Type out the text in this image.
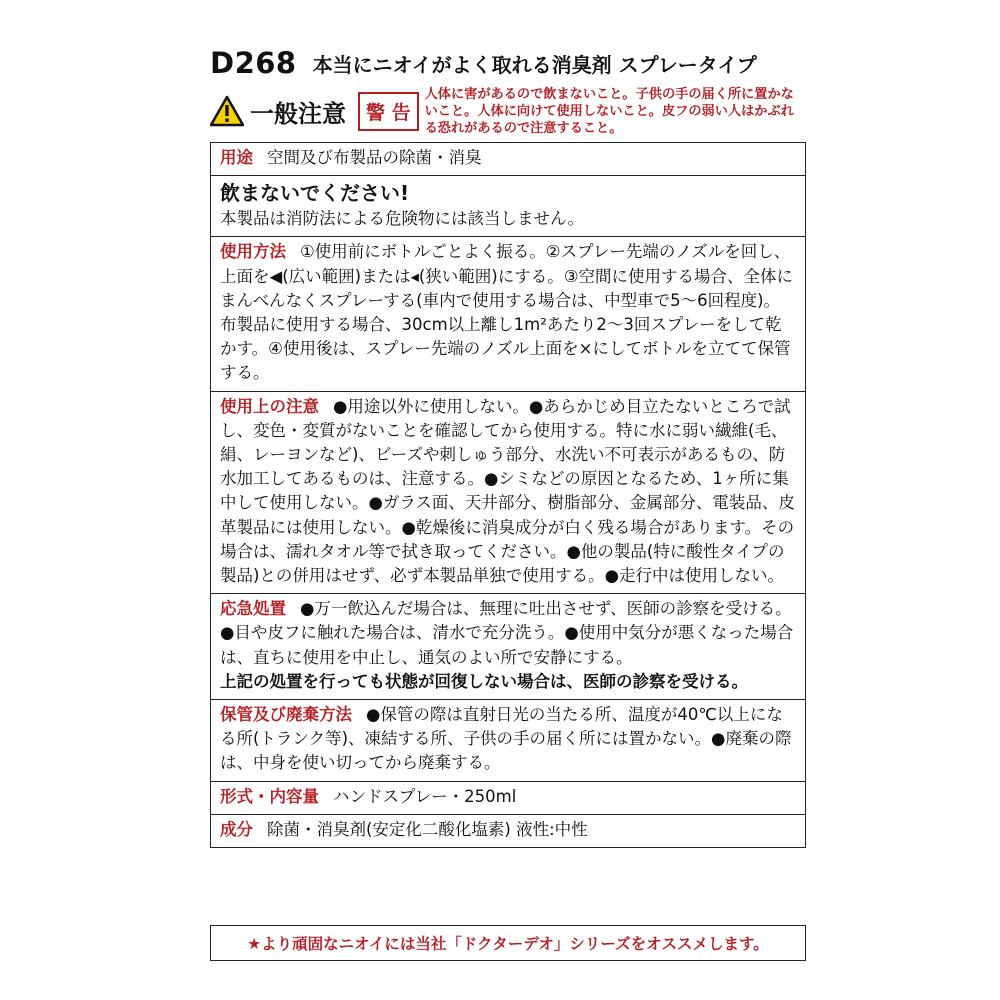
D268 本当にニオイがよく取れる消臭剤 スプレータイプ
一般注意	警 告
人体に害があるので飲まないこと。子供の手の届く所に置かないこと。人体に向けて使用しないこと。皮フの弱い人はかぶれる恐れがあるので注意すること。
用途 空間及び布製品の除菌・消臭
飲まないでください!
本製品は消防法による危険物には該当しません。
使用方法 ①使用前にボトルごとよく振る。②スプレー先端のノズルを回し、上面を◀(広い範囲)または◂(狭い範囲)にする。③空間に使用する場合、全体にまんべんなくスプレーする(車内で使用する場合は、中型車で5〜6回程度)。布製品に使用する場合、30cm以上離し1m²あたり2〜3回スプレーをして乾かす。④使用後は、スプレー先端のノズル上面を×にしてボトルを立てて保管する。
使用上の注意 ●用途以外に使用しない。●あらかじめ目立たないところで試し、変色・変質がないことを確認してから使用する。特に水に弱い繊維(毛、絹、レーヨンなど)、ビーズや刺しゅう部分、水洗い不可表示があるもの、防水加工してあるものは、注意する。●シミなどの原因となるため、1ヶ所に集中して使用しない。●ガラス面、天井部分、樹脂部分、金属部分、電装品、皮革製品には使用しない。●乾燥後に消臭成分が白く残る場合があります。その場合は、濡れタオル等で拭き取ってください。●他の製品(特に酸性タイプの製品)との併用はせず、必ず本製品単独で使用する。●走行中は使用しない。
応急処置 ●万一飲込んだ場合は、無理に吐出させず、医師の診察を受ける。●目や皮フに触れた場合は、清水で充分洗う。●使用中気分が悪くなった場合は、直ちに使用を中止し、通気のよい所で安静にする。
上記の処置を行っても状態が回復しない場合は、医師の診察を受ける。
保管及び廃棄方法 ●保管の際は直射日光の当たる所、温度が40℃以上になる所(トランク等)、凍結する所、子供の手の届く所には置かない。●廃棄の際は、中身を使い切ってから廃棄する。
形式・内容量 ハンドスプレー・250ml
成分 除菌・消臭剤(安定化二酸化塩素) 液性:中性
★より頑固なニオイには当社「ドクターデオ」シリーズをオススメします。
